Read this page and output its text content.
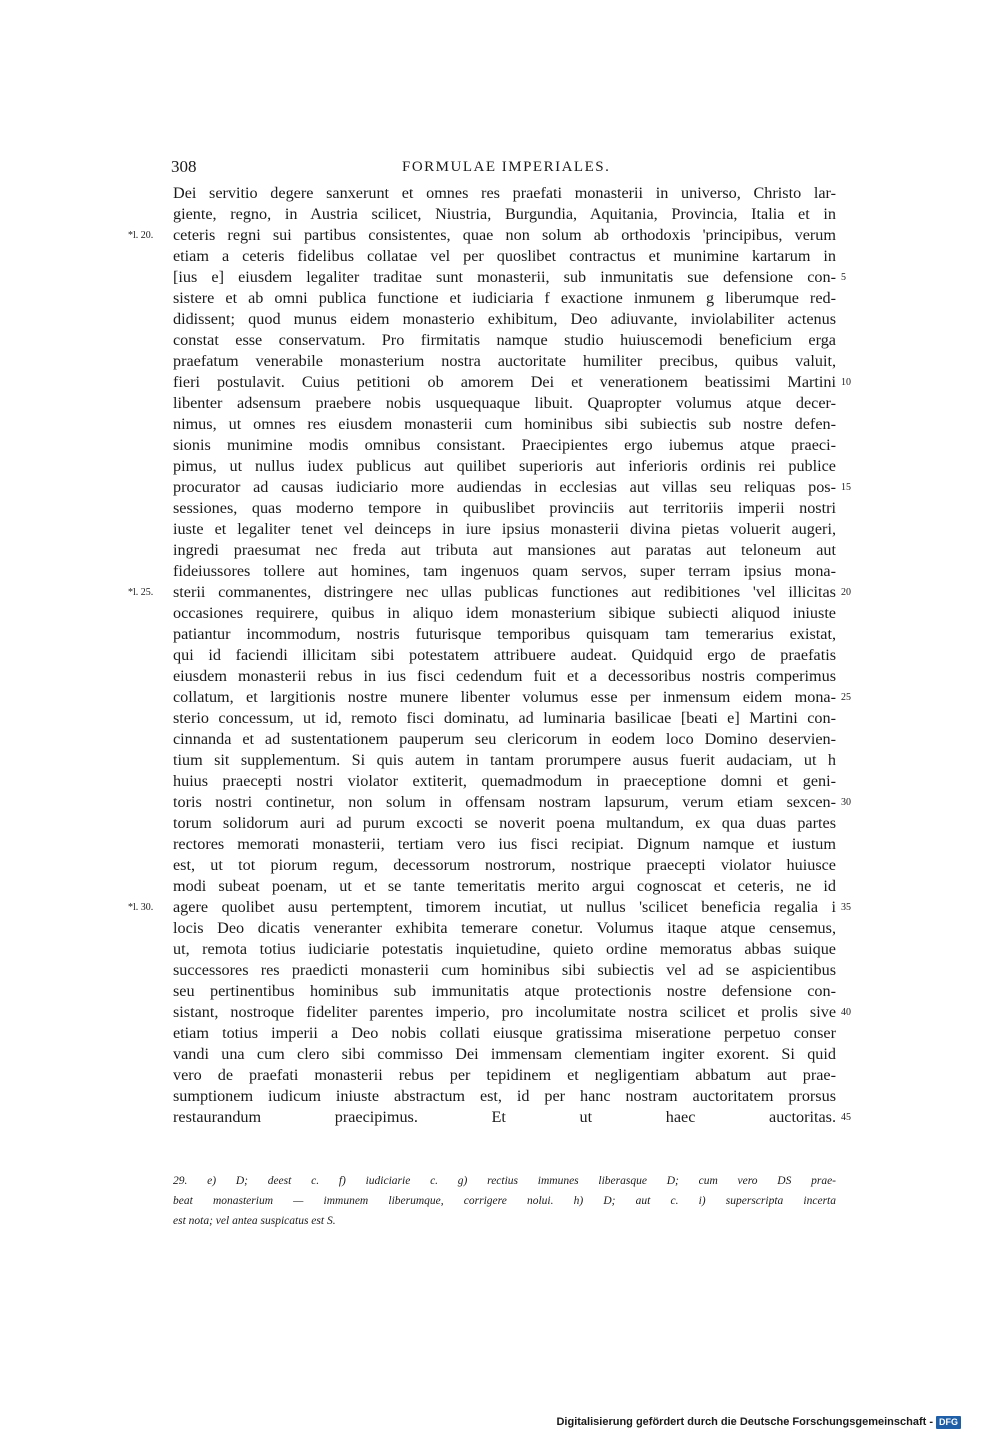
308	FORMULAE IMPERIALES.
Dei servitio degere sanxerunt et omnes res praefati monasterii in universo, Christo lar-
giente, regno, in Austria scilicet, Niustria, Burgundia, Aquitania, Provincia, Italia et in
ceteris regni sui partibus consistentes, quae non solum ab orthodoxis 'principibus, verum
etiam a ceteris fidelibus collatae vel per quoslibet contractus et munimine kartarum in
[ius e] eiusdem legaliter traditae sunt monasterii, sub inmunitatis sue defensione con-
sistere et ab omni publica functione et iudiciaria f exactione inmunem g liberumque red-
didissent; quod munus eidem monasterio exhibitum, Deo adiuvante, inviolabiliter actenus
constat esse conservatum. Pro firmitatis namque studio huiuscemodi beneficium erga
praefatum venerabile monasterium nostra auctoritate humiliter precibus, quibus valuit,
fieri postulavit. Cuius petitioni ob amorem Dei et venerationem beatissimi Martini
libenter adsensum praebere nobis usquequaque libuit. Quapropter volumus atque decer-
nimus, ut omnes res eiusdem monasterii cum hominibus sibi subiectis sub nostre defen-
sionis munimine modis omnibus consistant. Praecipientes ergo iubemus atque praeci-
pimus, ut nullus iudex publicus aut quilibet superioris aut inferioris ordinis rei publice
procurator ad causas iudiciario more audiendas in ecclesias aut villas seu reliquas pos-
sessiones, quas moderno tempore in quibuslibet provinciis aut territoriis imperii nostri
iuste et legaliter tenet vel deinceps in iure ipsius monasterii divina pietas voluerit augeri,
ingredi praesumat nec freda aut tributa aut mansiones aut paratas aut teloneum aut
fideiussores tollere aut homines, tam ingenuos quam servos, super terram ipsius mona-
sterii commanentes, distringere nec ullas publicas functiones aut redibitiones 'vel illicitas
occasiones requirere, quibus in aliquo idem monasterium sibique subiecti aliquod iniuste
patiantur incommodum, nostris futurisque temporibus quisquam tam temerarius existat,
qui id faciendi illicitam sibi potestatem attribuere audeat. Quidquid ergo de praefatis
eiusdem monasterii rebus in ius fisci cedendum fuit et a decessoribus nostris comperimus
collatum, et largitionis nostre munere libenter volumus esse per inmensum eidem mona-
sterio concessum, ut id, remoto fisci dominatu, ad luminaria basilicae [beati e] Martini con-
cinnanda et ad sustentationem pauperum seu clericorum in eodem loco Domino deservien-
tium sit supplementum. Si quis autem in tantam prorumpere ausus fuerit audaciam, ut h
huius praecepti nostri violator extiterit, quemadmodum in praeceptione domni et geni-
toris nostri continetur, non solum in offensam nostram lapsurum, verum etiam sexcen-
torum solidorum auri ad purum excocti se noverit poena multandum, ex qua duas partes
rectores memorati monasterii, tertiam vero ius fisci recipiat. Dignum namque et iustum
est, ut tot piorum regum, decessorum nostrorum, nostrique praecepti violator huiusce
modi subeat poenam, ut et se tante temeritatis merito argui cognoscat et ceteris, ne id
agere quolibet ausu pertemptent, timorem incutiat, ut nullus 'scilicet beneficia regalia i
locis Deo dicatis veneranter exhibita temerare conetur. Volumus itaque atque censemus,
ut, remota totius iudiciarie potestatis inquietudine, quieto ordine memoratus abbas suique
successores res praedicti monasterii cum hominibus sibi subiectis vel ad se aspicientibus
seu pertinentibus hominibus sub immunitatis atque protectionis nostre defensione con-
sistant, nostroque fideliter parentes imperio, pro incolumitate nostra scilicet et prolis sive
etiam totius imperii a Deo nobis collati eiusque gratissima miseratione perpetuo conser
vandi una cum clero sibi commisso Dei immensam clementiam ingiter exorent. Si quid
vero de praefati monasterii rebus per tepidinem et negligentiam abbatum aut prae-
sumptionem iudicum iniuste abstractum est, id per hanc nostram auctoritatem prorsus
restaurandum praecipimus. Et ut haec auctoritas.
*l. 20.
*l. 25.
*l. 30.
5
10
15
20
25
30
35
40
45
29. e) D; deest c. f) iudiciarie c. g) rectius immunes liberasque D; cum vero DS prae-
beat monasterium — immunem liberumque, corrigere nolui. h) D; aut c. i) superscripta incerta
est nota; vel antea suspicatus est S.
Digitalisierung gefördert durch die Deutsche Forschungsgemeinschaft - DFG
